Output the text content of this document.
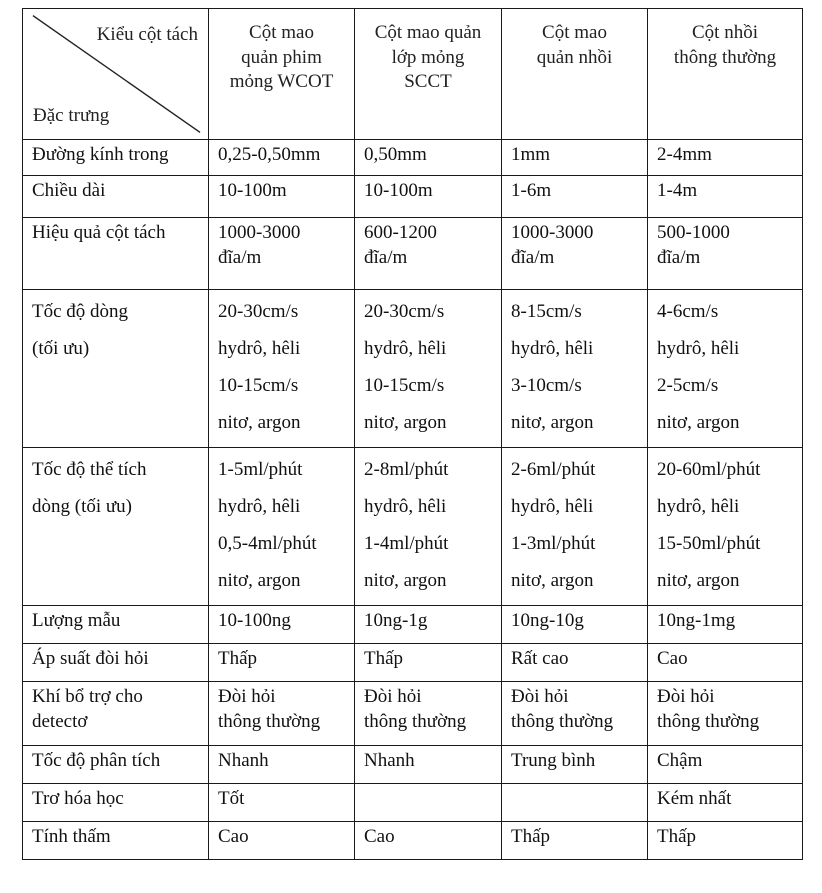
Kiểu cột tách
Đặc trưng	Cột mao
quản phim
mỏng WCOT	Cột mao quản
lớp mỏng
SCCT	Cột mao
quản nhồi	Cột nhồi
thông thường

Đường kính trong	0,25-0,50mm	0,50mm	1mm	2-4mm

Chiều dài	10-100m	10-100m	1-6m	1-4m

Hiệu quả cột tách	1000-3000
đĩa/m	600-1200
đĩa/m	1000-3000
đĩa/m	500-1000
đĩa/m

Tốc độ dòng
(tối ưu)	20-30cm/s
hydrô, hêli
10-15cm/s
nitơ, argon	20-30cm/s
hydrô, hêli
10-15cm/s
nitơ, argon	8-15cm/s
hydrô, hêli
3-10cm/s
nitơ, argon	4-6cm/s
hydrô, hêli
2-5cm/s
nitơ, argon

Tốc độ thể tích
dòng (tối ưu)	1-5ml/phút
hydrô, hêli
0,5-4ml/phút
nitơ, argon	2-8ml/phút
hydrô, hêli
1-4ml/phút
nitơ, argon	2-6ml/phút
hydrô, hêli
1-3ml/phút
nitơ, argon	20-60ml/phút
hydrô, hêli
15-50ml/phút
nitơ, argon

Lượng mẫu	10-100ng	10ng-1g	10ng-10g	10ng-1mg

Áp suất đòi hỏi	Thấp	Thấp	Rất cao	Cao

Khí bổ trợ cho
detectơ	Đòi hỏi
thông thường	Đòi hỏi
thông thường	Đòi hỏi
thông thường	Đòi hỏi
thông thường

Tốc độ phân tích	Nhanh	Nhanh	Trung bình	Chậm

Trơ hóa học	Tốt			Kém nhất

Tính thấm	Cao	Cao	Thấp	Thấp
